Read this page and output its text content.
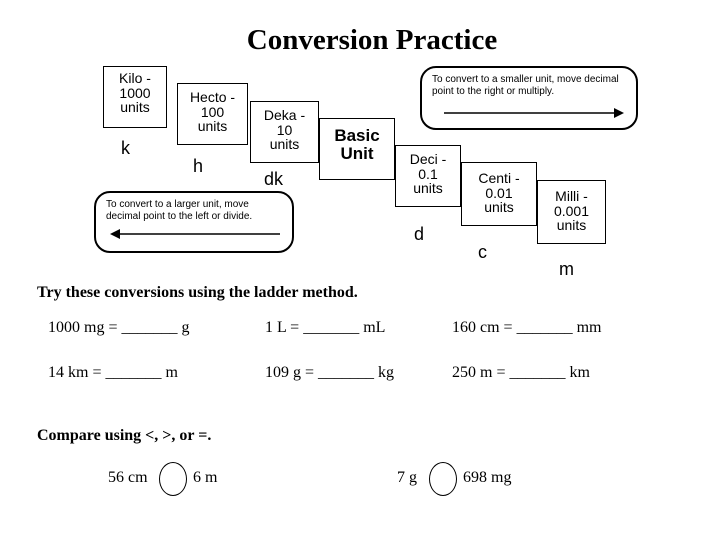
Conversion Practice
Kilo -
1000
units
Hecto -
100
units
Deka -
10
units	Basic
Unit	Deci -
0.1
units
Centi -
0.01
units
Milli -
0.001
units
k
h
dk
d
c
m
To convert to a smaller unit, move decimal point to the right or multiply.
To convert to a larger unit, move decimal point to the left or divide.
Try these conversions using the ladder method.
1000 mg = _______ g	1 L = _______ mL	160 cm = _______ mm
14 km = _______ m	109 g = _______ kg	250 m = _______ km
Compare using <, >, or =.
56 cm	6 m	7 g	698 mg
